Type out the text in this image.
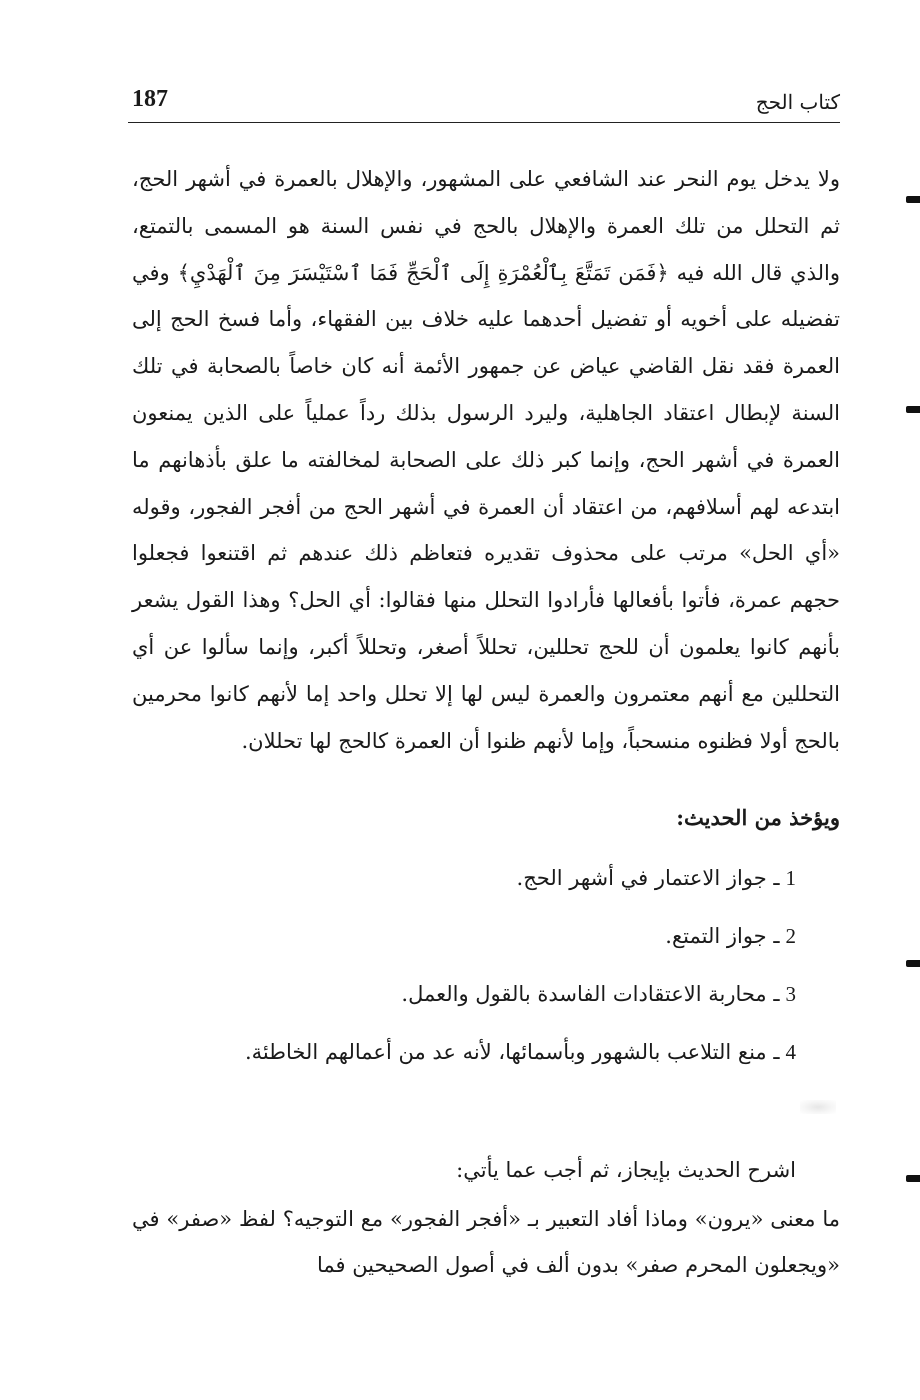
كتاب الحج
187

ولا يدخل يوم النحر عند الشافعي على المشهور، والإهلال بالعمرة في أشهر الحج، ثم التحلل من تلك العمرة والإهلال بالحج في نفس السنة هو المسمى بالتمتع، والذي قال الله فيه ﴿فَمَن تَمَتَّعَ بِٱلْعُمْرَةِ إِلَى ٱلْحَجِّ فَمَا ٱسْتَيْسَرَ مِنَ ٱلْهَدْيِ﴾ وفي تفضيله على أخويه أو تفضيل أحدهما عليه خلاف بين الفقهاء، وأما فسخ الحج إلى العمرة فقد نقل القاضي عياض عن جمهور الأئمة أنه كان خاصاً بالصحابة في تلك السنة لإبطال اعتقاد الجاهلية، وليرد الرسول بذلك رداً عملياً على الذين يمنعون العمرة في أشهر الحج، وإنما كبر ذلك على الصحابة لمخالفته ما علق بأذهانهم ما ابتدعه لهم أسلافهم، من اعتقاد أن العمرة في أشهر الحج من أفجر الفجور، وقوله «أي الحل» مرتب على محذوف تقديره فتعاظم ذلك عندهم ثم اقتنعوا فجعلوا حجهم عمرة، فأتوا بأفعالها فأرادوا التحلل منها فقالوا: أي الحل؟ وهذا القول يشعر بأنهم كانوا يعلمون أن للحج تحللين، تحللاً أصغر، وتحللاً أكبر، وإنما سألوا عن أي التحللين مع أنهم معتمرون والعمرة ليس لها إلا تحلل واحد إما لأنهم كانوا محرمين بالحج أولا فظنوه منسحباً، وإما لأنهم ظنوا أن العمرة كالحج لها تحللان.

ويؤخذ من الحديث:
1ـ جواز الاعتمار في أشهر الحج.
2ـ جواز التمتع.
3ـ محاربة الاعتقادات الفاسدة بالقول والعمل.
4ـ منع التلاعب بالشهور وبأسمائها، لأنه عد من أعمالهم الخاطئة.
اشرح الحديث بإيجاز، ثم أجب عما يأتي:

ما معنى «يرون» وماذا أفاد التعبير بـ «أفجر الفجور» مع التوجيه؟ لفظ «صفر» في «ويجعلون المحرم صفر» بدون ألف في أصول الصحيحين فما
